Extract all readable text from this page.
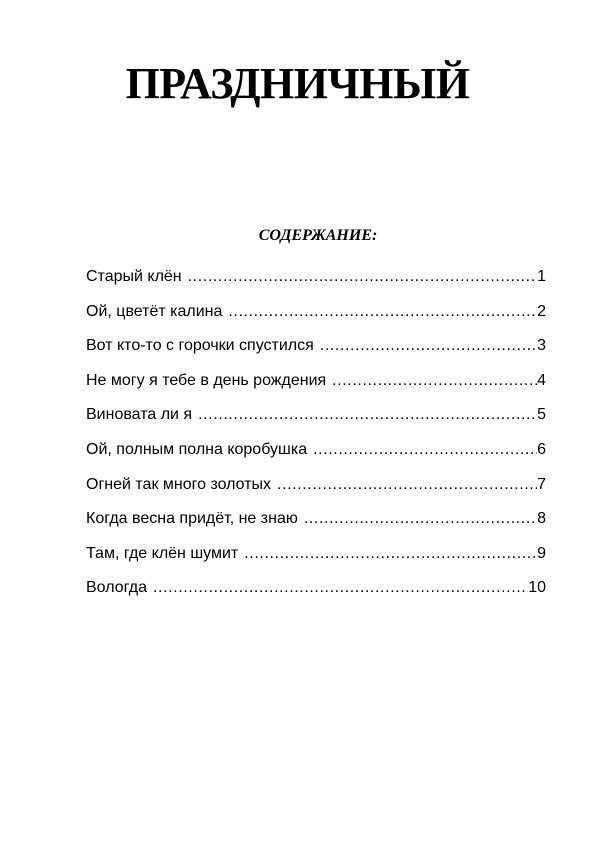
ПРАЗДНИЧНЫЙ
СОДЕРЖАНИЕ:
Старый клён .....	1
Ой, цветёт калина .....	2
Вот кто-то с горочки спустился .....	3
Не могу я тебе в день рождения .....	4
Виновата ли я .....	5
Ой, полным полна коробушка .....	6
Огней так много золотых .....	7
Когда весна придёт, не знаю .....	8
Там, где клён шумит .....	9
Вологда .....	10
